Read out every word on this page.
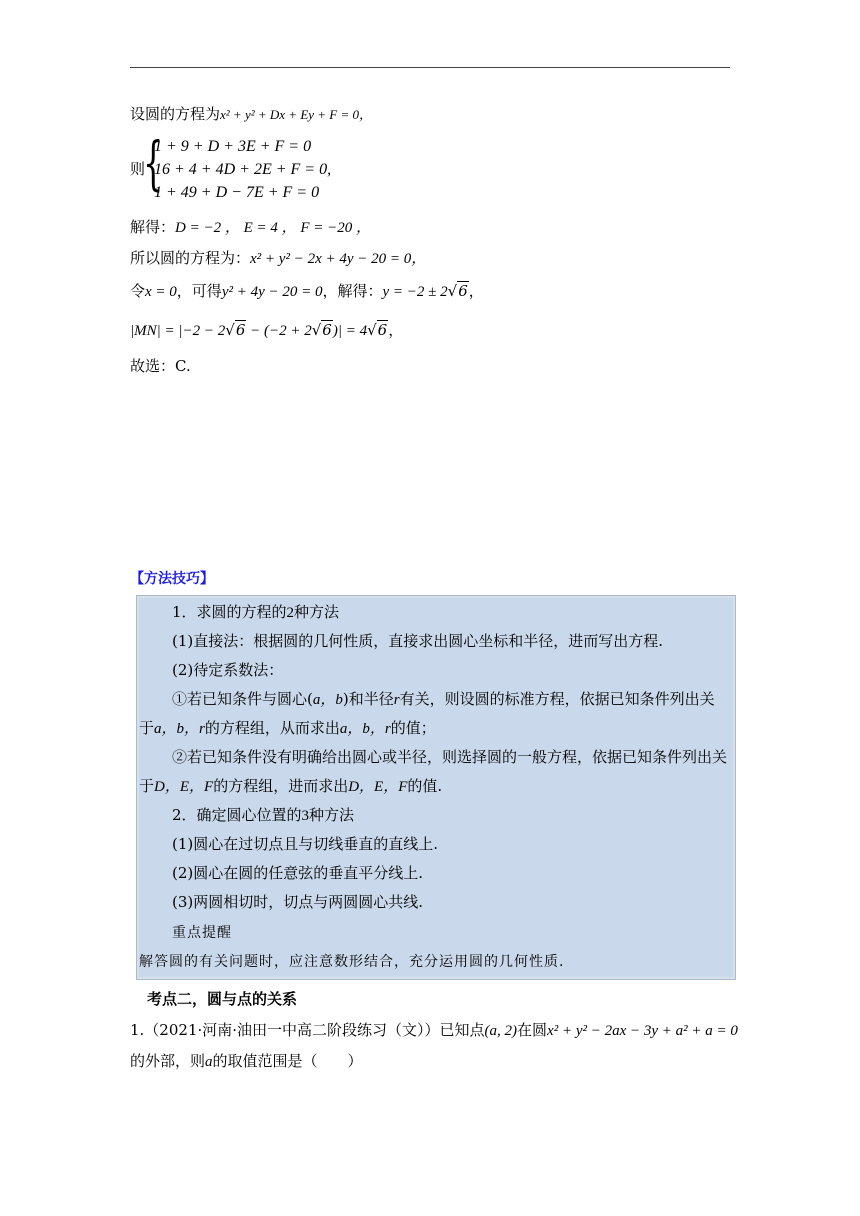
设圆的方程为x² + y² + Dx + Ey + F = 0，
则
{
1 + 9 + D + 3E + F = 0
16 + 4 + 4D + 2E + F = 0,
1 + 49 + D − 7E + F = 0
解得：D = −2 ， E = 4 ， F = −20 ，
所以圆的方程为：x² + y² − 2x + 4y − 20 = 0，
令x = 0，可得y² + 4y − 20 = 0，解得：y = −2 ± 2√6，
|MN| = |−2 − 2√6 − (−2 + 2√6)| = 4√6，
故选：C.
【方法技巧】
1．求圆的方程的2种方法
(1)直接法：根据圆的几何性质，直接求出圆心坐标和半径，进而写出方程.
(2)待定系数法：
①若已知条件与圆心(a，b)和半径r有关，则设圆的标准方程，依据已知条件列出关
于a，b，r的方程组，从而求出a，b，r的值；
②若已知条件没有明确给出圆心或半径，则选择圆的一般方程，依据已知条件列出关
于D，E，F的方程组，进而求出D，E，F的值.
2．确定圆心位置的3种方法
(1)圆心在过切点且与切线垂直的直线上.
(2)圆心在圆的任意弦的垂直平分线上.
(3)两圆相切时，切点与两圆圆心共线.
重点提醒
解答圆的有关问题时，应注意数形结合，充分运用圆的几何性质.
考点二，圆与点的关系
1.（2021·河南·油田一中高二阶段练习（文））已知点(a, 2)在圆x² + y² − 2ax − 3y + a² + a = 0
的外部，则a的取值范围是（　　）
